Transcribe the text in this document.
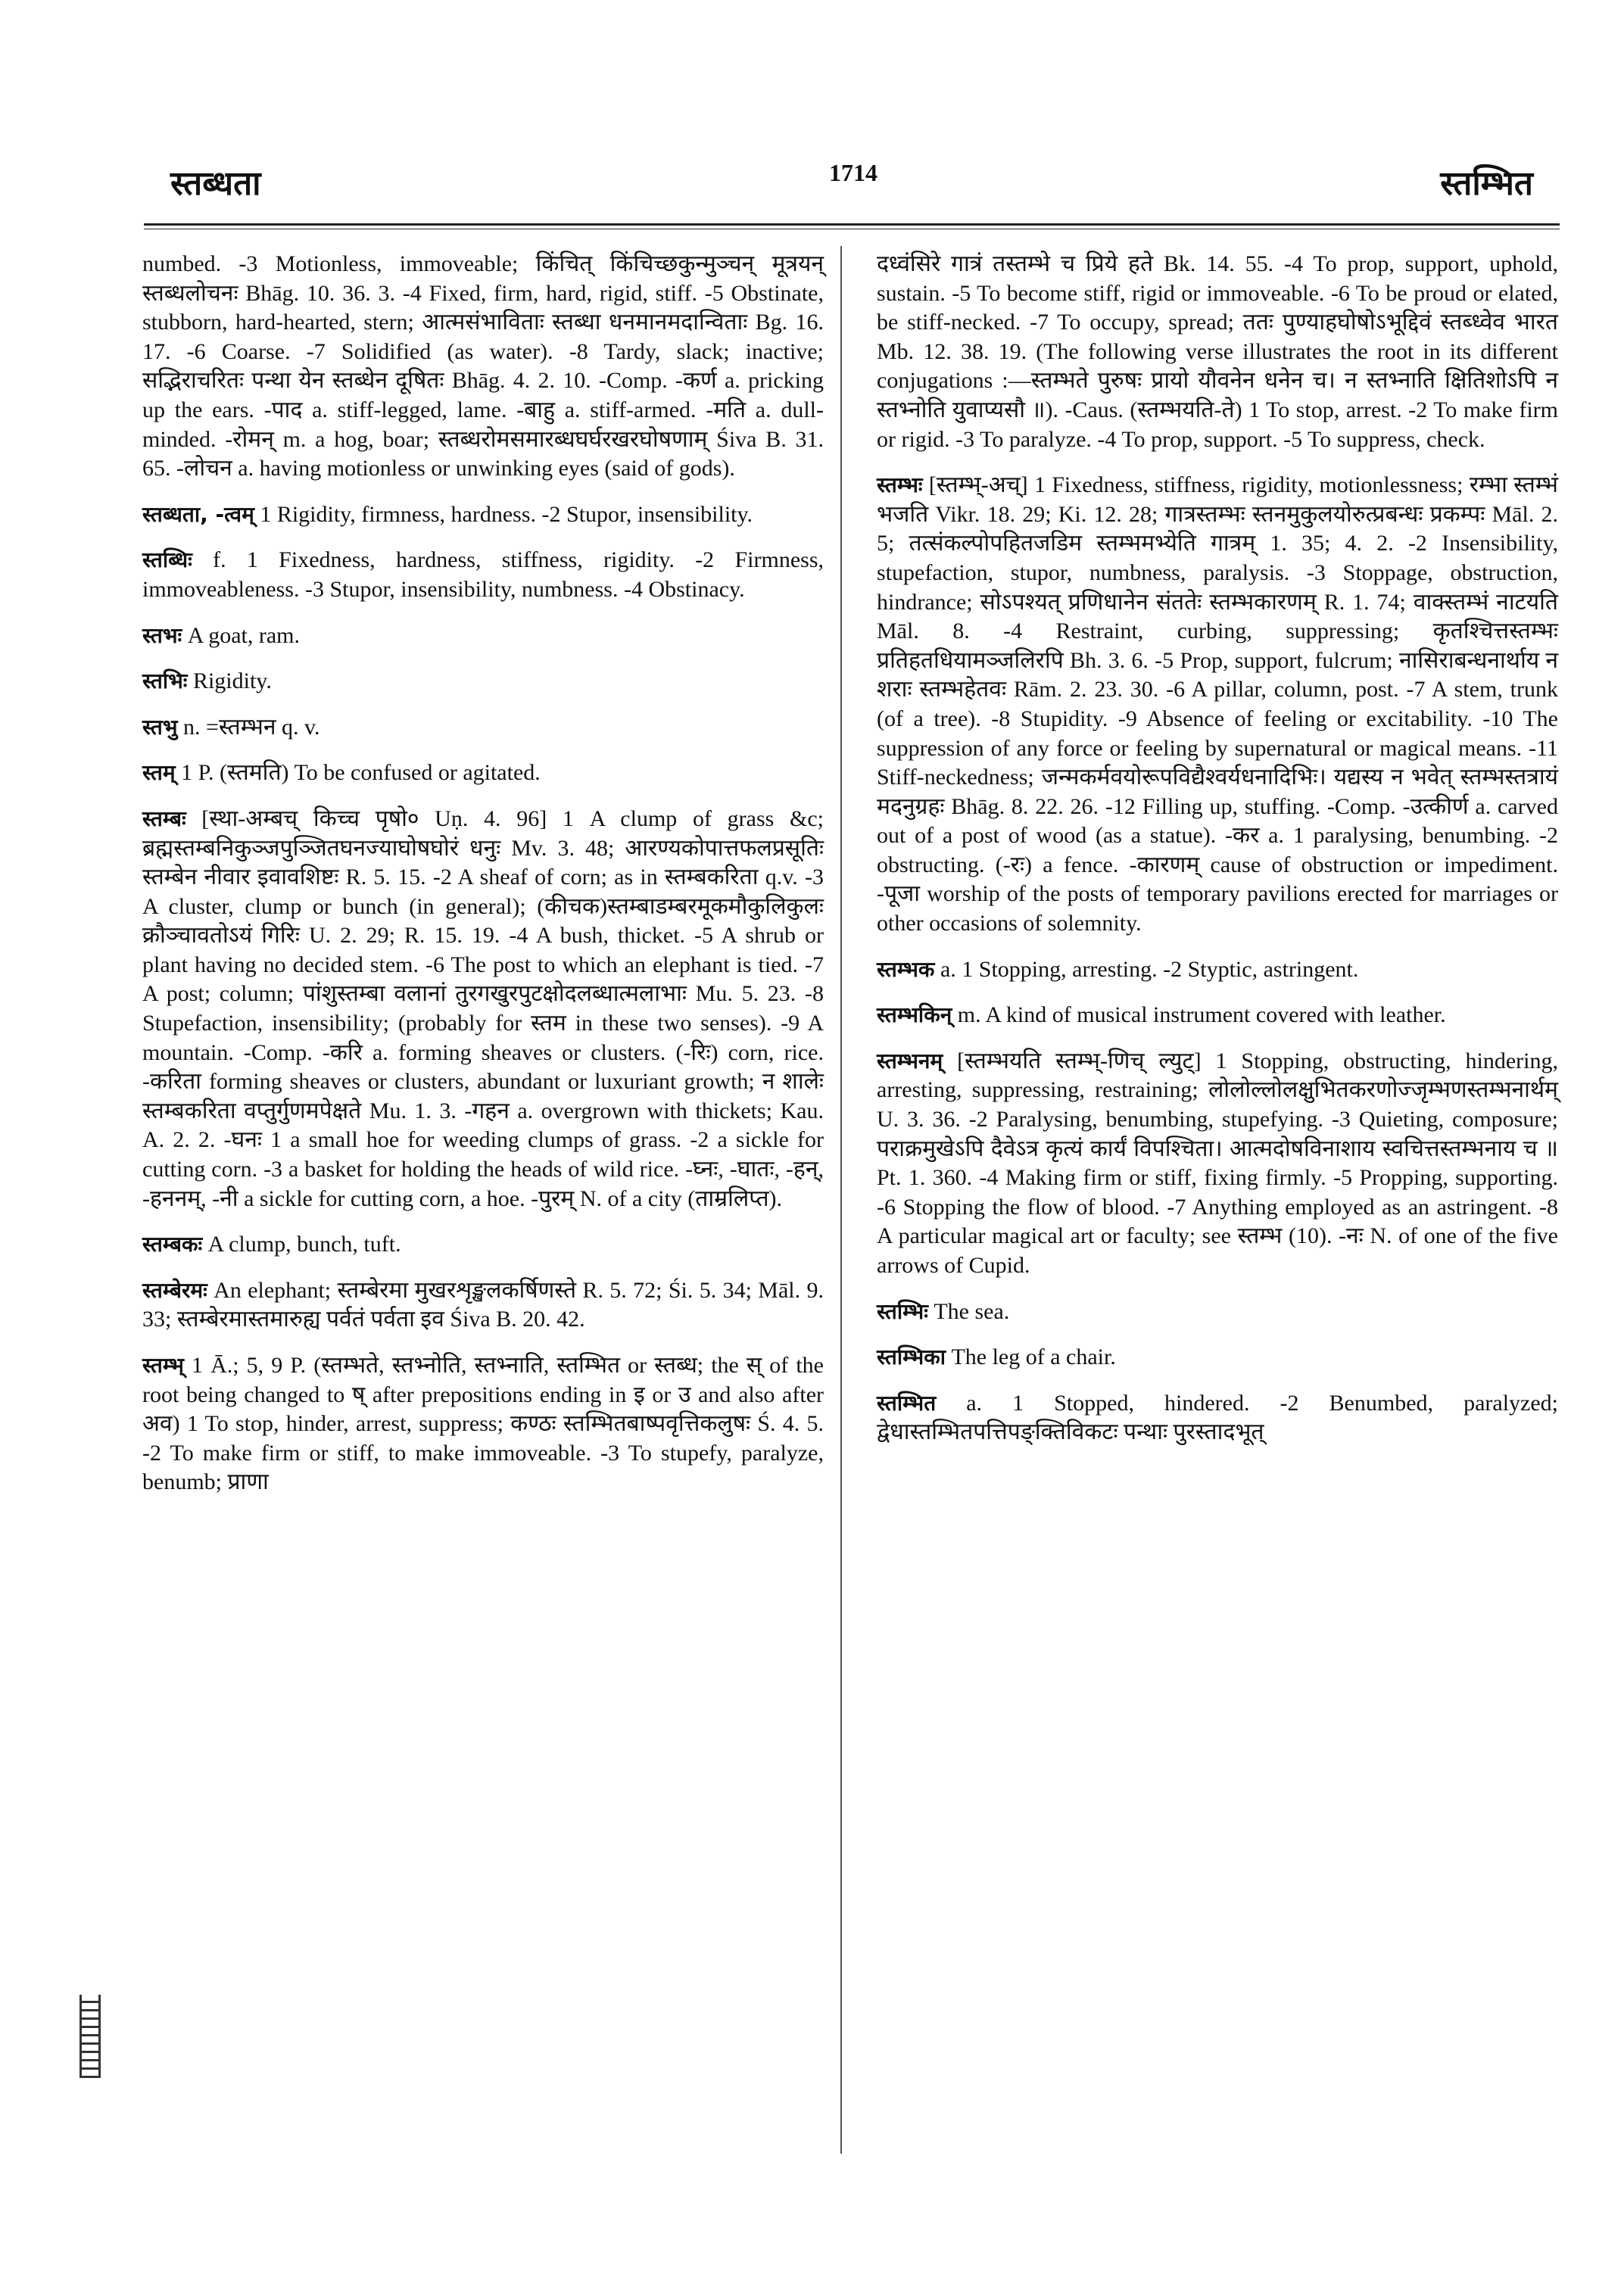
स्तब्धता	1714	स्तम्भित
numbed. -3 Motionless, immoveable; किंचित् किंचिच्छकुन्मुञ्चन् मूत्रयन् स्तब्धलोचनः Bhāg. 10. 36. 3. -4 Fixed, firm, hard, rigid, stiff. -5 Obstinate, stubborn, hard-hearted, stern; आत्मसंभाविताः स्तब्धा धनमानमदान्विताः Bg. 16. 17. -6 Coarse. -7 Solidified (as water). -8 Tardy, slack; inactive; सद्भिराचरितः पन्था येन स्तब्धेन दूषितः Bhāg. 4. 2. 10. -Comp. -कर्ण a. pricking up the ears. -पाद a. stiff-legged, lame. -बाहु a. stiff-armed. -मति a. dull-minded. -रोमन् m. a hog, boar; स्तब्धरोमसमारब्धघर्घरखरघोषणाम् Śiva B. 31. 65. -लोचन a. having motionless or unwinking eyes (said of gods).
स्तब्धता, -त्वम् 1 Rigidity, firmness, hardness. -2 Stupor, insensibility.
स्तब्धिः f. 1 Fixedness, hardness, stiffness, rigidity. -2 Firmness, immoveableness. -3 Stupor, insensibility, numbness. -4 Obstinacy.
स्तभः A goat, ram.
स्तभिः Rigidity.
स्तभु n. =स्तम्भन q. v.
स्तम् 1 P. (स्तमति) To be confused or agitated.
स्तम्बः [स्था-अम्बच् किच्च पृषो० Uṇ. 4. 96] 1 A clump of grass &c; ब्रह्मस्तम्बनिकुञ्जपुञ्जितघनज्याघोषघोरं धनुः Mv. 3. 48; आरण्यकोपात्तफलप्रसूतिः स्तम्बेन नीवार इवावशिष्टः R. 5. 15. -2 A sheaf of corn; as in स्तम्बकरिता q.v. -3 A cluster, clump or bunch (in general); (कीचक)स्तम्बाडम्बरमूकमौकुलिकुलः क्रौञ्चावतोऽयं गिरिः U. 2. 29; R. 15. 19. -4 A bush, thicket. -5 A shrub or plant having no decided stem. -6 The post to which an elephant is tied. -7 A post; column; पांशुस्तम्बा वलानां तुरगखुरपुटक्षोदलब्धात्मलाभाः Mu. 5. 23. -8 Stupefaction, insensibility; (probably for स्तम in these two senses). -9 A mountain. -Comp. -करि a. forming sheaves or clusters. (-रिः) corn, rice. -करिता forming sheaves or clusters, abundant or luxuriant growth; न शालेः स्तम्बकरिता वप्तुर्गुणमपेक्षते Mu. 1. 3. -गहन a. overgrown with thickets; Kau. A. 2. 2. -घनः 1 a small hoe for weeding clumps of grass. -2 a sickle for cutting corn. -3 a basket for holding the heads of wild rice. -घ्नः, -घातः, -हन्, -हननम्, -नी a sickle for cutting corn, a hoe. -पुरम् N. of a city (ताम्रलिप्त).
स्तम्बकः A clump, bunch, tuft.
स्तम्बेरमः An elephant; स्तम्बेरमा मुखरशृङ्खलकर्षिणस्ते R. 5. 72; Śi. 5. 34; Māl. 9. 33; स्तम्बेरमास्तमारुह्य पर्वतं पर्वता इव Śiva B. 20. 42.
स्तम्भ् 1 Ā.; 5, 9 P. (स्तम्भते, स्तभ्नोति, स्तभ्नाति, स्तम्भित or स्तब्ध; the स् of the root being changed to ष् after prepositions ending in इ or उ and also after अव) 1 To stop, hinder, arrest, suppress; कण्ठः स्तम्भितबाष्पवृत्तिकलुषः Ś. 4. 5. -2 To make firm or stiff, to make immoveable. -3 To stupefy, paralyze, benumb; प्राणा
दध्वंसिरे गात्रं तस्तम्भे च प्रिये हते Bk. 14. 55. -4 To prop, support, uphold, sustain. -5 To become stiff, rigid or immoveable. -6 To be proud or elated, be stiff-necked. -7 To occupy, spread; ततः पुण्याहघोषोऽभूद्दिवं स्तब्ध्वेव भारत Mb. 12. 38. 19. (The following verse illustrates the root in its different conjugations :—स्तम्भते पुरुषः प्रायो यौवनेन धनेन च। न स्तभ्नाति क्षितिशोऽपि न स्तभ्नोति युवाप्यसौ ॥). -Caus. (स्तम्भयति-ते) 1 To stop, arrest. -2 To make firm or rigid. -3 To paralyze. -4 To prop, support. -5 To suppress, check.
स्तम्भः [स्तम्भ्-अच्] 1 Fixedness, stiffness, rigidity, motionlessness; रम्भा स्तम्भं भजति Vikr. 18. 29; Ki. 12. 28; गात्रस्तम्भः स्तनमुकुलयोरुत्प्रबन्धः प्रकम्पः Māl. 2. 5; तत्संकल्पोपहितजडिम स्तम्भमभ्येति गात्रम् 1. 35; 4. 2. -2 Insensibility, stupefaction, stupor, numbness, paralysis. -3 Stoppage, obstruction, hindrance; सोऽपश्यत् प्रणिधानेन संततेः स्तम्भकारणम् R. 1. 74; वाक्स्तम्भं नाटयति Māl. 8. -4 Restraint, curbing, suppressing; कृतश्चित्तस्तम्भः प्रतिहतधियामञ्जलिरपि Bh. 3. 6. -5 Prop, support, fulcrum; नासिराबन्धनार्थाय न शराः स्तम्भहेतवः Rām. 2. 23. 30. -6 A pillar, column, post. -7 A stem, trunk (of a tree). -8 Stupidity. -9 Absence of feeling or excitability. -10 The suppression of any force or feeling by supernatural or magical means. -11 Stiff-neckedness; जन्मकर्मवयोरूपविद्यैश्वर्यधनादिभिः। यद्यस्य न भवेत् स्तम्भस्तत्रायं मदनुग्रहः Bhāg. 8. 22. 26. -12 Filling up, stuffing. -Comp. -उत्कीर्ण a. carved out of a post of wood (as a statue). -कर a. 1 paralysing, benumbing. -2 obstructing. (-रः) a fence. -कारणम् cause of obstruction or impediment. -पूजा worship of the posts of temporary pavilions erected for marriages or other occasions of solemnity.
स्तम्भक a. 1 Stopping, arresting. -2 Styptic, astringent.
स्तम्भकिन् m. A kind of musical instrument covered with leather.
स्तम्भनम् [स्तम्भयति स्तम्भ्-णिच् ल्युट्] 1 Stopping, obstructing, hindering, arresting, suppressing, restraining; लोलोल्लोलक्षुभितकरणोज्जृम्भणस्तम्भनार्थम् U. 3. 36. -2 Paralysing, benumbing, stupefying. -3 Quieting, composure; पराक्रमुखेऽपि दैवेऽत्र कृत्यं कार्यं विपश्चिता। आत्मदोषविनाशाय स्वचित्तस्तम्भनाय च ॥ Pt. 1. 360. -4 Making firm or stiff, fixing firmly. -5 Propping, supporting. -6 Stopping the flow of blood. -7 Anything employed as an astringent. -8 A particular magical art or faculty; see स्तम्भ (10). -नः N. of one of the five arrows of Cupid.
स्तम्भिः The sea.
स्तम्भिका The leg of a chair.
स्तम्भित a. 1 Stopped, hindered. -2 Benumbed, paralyzed; द्वेधास्तम्भितपत्तिपङ्क्तिविकटः पन्थाः पुरस्तादभूत्
